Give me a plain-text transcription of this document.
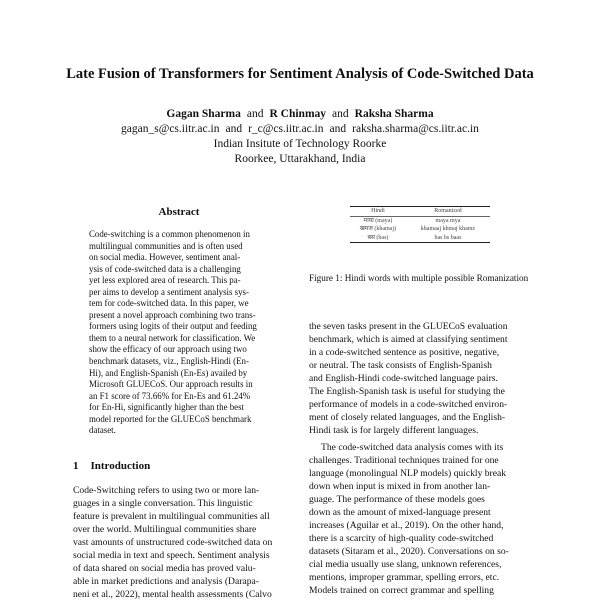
Late Fusion of Transformers for Sentiment Analysis of Code-Switched Data
Gagan Sharma and R Chinmay and Raksha Sharma
gagan_s@cs.iitr.ac.in and r_c@cs.iitr.ac.in and raksha.sharma@cs.iitr.ac.in
Indian Insitute of Technology Roorke
Roorkee, Uttarakhand, India
Abstract
Code-switching is a common phenomenon in
multilingual communities and is often used
on social media. However, sentiment anal-
ysis of code-switched data is a challenging
yet less explored area of research. This pa-
per aims to develop a sentiment analysis sys-
tem for code-switched data. In this paper, we
present a novel approach combining two trans-
formers using logits of their output and feeding
them to a neural network for classification. We
show the efficacy of our approach using two
benchmark datasets, viz., English-Hindi (En-
Hi), and English-Spanish (En-Es) availed by
Microsoft GLUECoS. Our approach results in
an F1 score of 73.66% for En-Es and 61.24%
for En-Hi, significantly higher than the best
model reported for the GLUECoS benchmark
dataset.
1 Introduction
Code-Switching refers to using two or more lan-
guages in a single conversation. This linguistic
feature is prevalent in multilingual communities all
over the world. Multilingual communities share
vast amounts of unstructured code-switched data on
social media in text and speech. Sentiment analysis
of data shared on social media has proved valu-
able in market predictions and analysis (Darapa-
neni et al., 2022), mental health assessments (Calvo
Hindi	Romanized
माया (maya)	maya mya
खमज (khamaj)	khamaaj khmaj khamz
बस (bas)	bas bs baas
Figure 1: Hindi words with multiple possible Romanization
the seven tasks present in the GLUECoS evaluation
benchmark, which is aimed at classifying sentiment
in a code-switched sentence as positive, negative,
or neutral. The task consists of English-Spanish
and English-Hindi code-switched language pairs.
The English-Spanish task is useful for studying the
performance of models in a code-switched environ-
ment of closely related languages, and the English-
Hindi task is for largely different languages.
The code-switched data analysis comes with its
challenges. Traditional techniques trained for one
language (monolingual NLP models) quickly break
down when input is mixed in from another lan-
guage. The performance of these models goes
down as the amount of mixed-language present
increases (Aguilar et al., 2019). On the other hand,
there is a scarcity of high-quality code-switched
datasets (Sitaram et al., 2020). Conversations on so-
cial media usually use slang, unknown references,
mentions, improper grammar, spelling errors, etc.
Models trained on correct grammar and spelling
